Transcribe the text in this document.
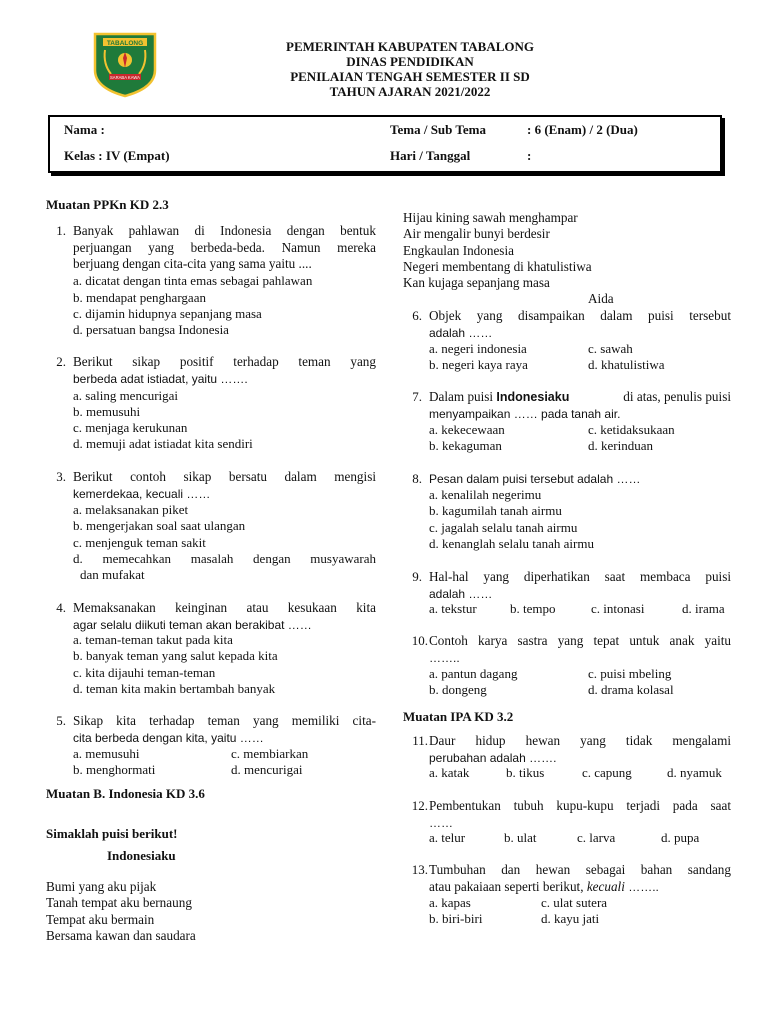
TABALONG
SARABA KAWA
PEMERINTAH KABUPATEN TABALONG
DINAS PENDIDIKAN
PENILAIAN TENGAH SEMESTER II SD
TAHUN AJARAN 2021/2022
Nama :
Kelas : IV (Empat)
Tema / Sub Tema	: 6 (Enam) / 2 (Dua)
Hari / Tanggal	:
Muatan PPKn KD 2.3
1. Banyak pahlawan di Indonesia dengan bentuk
perjuangan yang berbeda-beda. Namun mereka
berjuang dengan cita-cita yang sama yaitu ....
a. dicatat dengan tinta emas sebagai pahlawan
b. mendapat penghargaan
c. dijamin hidupnya sepanjang masa
d. persatuan bangsa Indonesia
2. Berikut sikap positif terhadap teman yang
berbeda adat istiadat, yaitu …….
a. saling mencurigai
b. memusuhi
c. menjaga kerukunan
d. memuji adat istiadat kita sendiri
3. Berikut contoh sikap bersatu dalam mengisi
kemerdekaa, kecuali ……
a. melaksanakan piket
b. mengerjakan soal saat ulangan
c. menjenguk teman sakit
d. memecahkan masalah dengan musyawarah
dan mufakat
4. Memaksanakan keinginan atau kesukaan kita
agar selalu diikuti teman akan berakibat ……
a. teman-teman takut pada kita
b. banyak teman yang salut kepada kita
c. kita dijauhi teman-teman
d. teman kita makin bertambah banyak
5. Sikap kita terhadap teman yang memiliki cita-
cita berbeda dengan kita, yaitu ……
a. memusuhi	c. membiarkan
b. menghormati	d. mencurigai
Muatan B. Indonesia KD 3.6
Simaklah puisi berikut!
Indonesiaku
Bumi yang aku pijak
Tanah tempat aku bernaung
Tempat aku bermain
Bersama kawan dan saudara
Hijau kining sawah menghampar
Air mengalir bunyi berdesir
Engkaulan Indonesia
Negeri membentang di khatulistiwa
Kan kujaga sepanjang masa
Aida
6. Objek yang disampaikan dalam puisi tersebut
adalah ……
a. negeri indonesia	c. sawah
b. negeri kaya raya	d. khatulistiwa
7. Dalam puisi Indonesiaku	di atas, penulis puisi
menyampaikan …… pada tanah air.
a. kekecewaan	c. ketidaksukaan
b. kekaguman	d. kerinduan
8. Pesan dalam puisi tersebut adalah ……
a. kenalilah negerimu
b. kagumilah tanah airmu
c. jagalah selalu tanah airmu
d. kenanglah selalu tanah airmu
9. Hal-hal yang diperhatikan saat membaca puisi
adalah ……
a. tekstur	b. tempo	c. intonasi	d. irama
10. Contoh karya sastra yang tepat untuk anak yaitu
……..
a. pantun dagang	c. puisi mbeling
b. dongeng	d. drama kolasal
Muatan IPA KD 3.2
11. Daur hidup hewan yang tidak mengalami
perubahan adalah …….
a. katak	b. tikus	c. capung	d. nyamuk
12. Pembentukan tubuh kupu-kupu terjadi pada saat
……
a. telur	b. ulat	c. larva	d. pupa
13. Tumbuhan dan hewan sebagai bahan sandang
atau pakaiaan seperti berikut, kecuali ……..
a. kapas	c. ulat sutera
b. biri-biri	d. kayu jati
